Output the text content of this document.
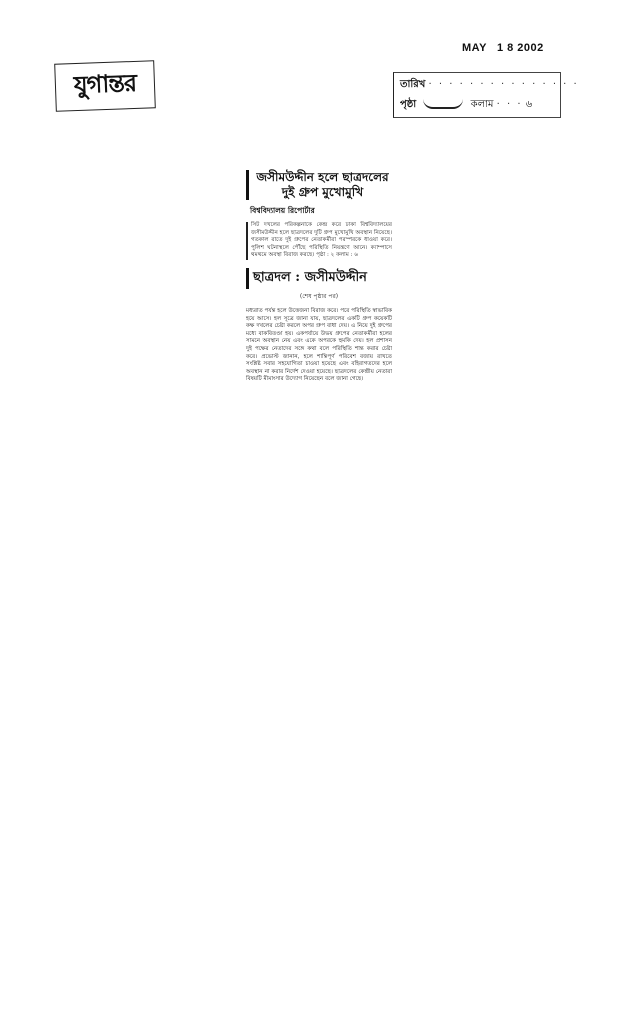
MAY 1 8 2002
যুগান্তর	তারিখ · · · · · · · · · · · · · · ·
পৃষ্ঠা	কলাম · · · ৬
জসীমউদ্দীন হলে ছাত্রদলের
দুই গ্রুপ মুখোমুখি
বিশ্ববিদ্যালয় রিপোর্টার
সিট দখলের পরিকল্পনাকে কেন্দ্র করে ঢাকা বিশ্ববিদ্যালয়ের জসীমউদ্দীন হলে ছাত্রদলের দুটি গ্রুপ মুখোমুখি অবস্থান নিয়েছে। গতকাল রাতে দুই গ্রুপের নেতাকর্মীরা পরস্পরকে ধাওয়া করে। পুলিশ ঘটনাস্থলে পৌঁছে পরিস্থিতি নিয়ন্ত্রণে আনে। ক্যাম্পাসে থমথমে অবস্থা বিরাজ করছে। পৃষ্ঠা : ২ কলাম : ৬
ছাত্রদল : জসীমউদ্দীন
(শেষ পৃষ্ঠার পর)
মধ্যরাত পর্যন্ত হলে উত্তেজনা বিরাজ করে। পরে পরিস্থিতি স্বাভাবিক হয়ে আসে। হল সূত্রে জানা যায়, ছাত্রদলের একটি গ্রুপ কয়েকটি কক্ষ দখলের চেষ্টা করলে অপর গ্রুপ বাধা দেয়। এ নিয়ে দুই গ্রুপের মধ্যে বাকবিতণ্ডা হয়। একপর্যায়ে উভয় গ্রুপের নেতাকর্মীরা হলের সামনে অবস্থান নেয় এবং একে অপরকে হুমকি দেয়। হল প্রশাসন দুই পক্ষের নেতাদের সঙ্গে কথা বলে পরিস্থিতি শান্ত করার চেষ্টা করে। প্রভোস্ট জানান, হলে শান্তিপূর্ণ পরিবেশ বজায় রাখতে সংশ্লিষ্ট সবার সহযোগিতা চাওয়া হয়েছে এবং বহিরাগতদের হলে অবস্থান না করার নির্দেশ দেওয়া হয়েছে। ছাত্রদলের কেন্দ্রীয় নেতারা বিষয়টি মীমাংসার উদ্যোগ নিয়েছেন বলে জানা গেছে।
